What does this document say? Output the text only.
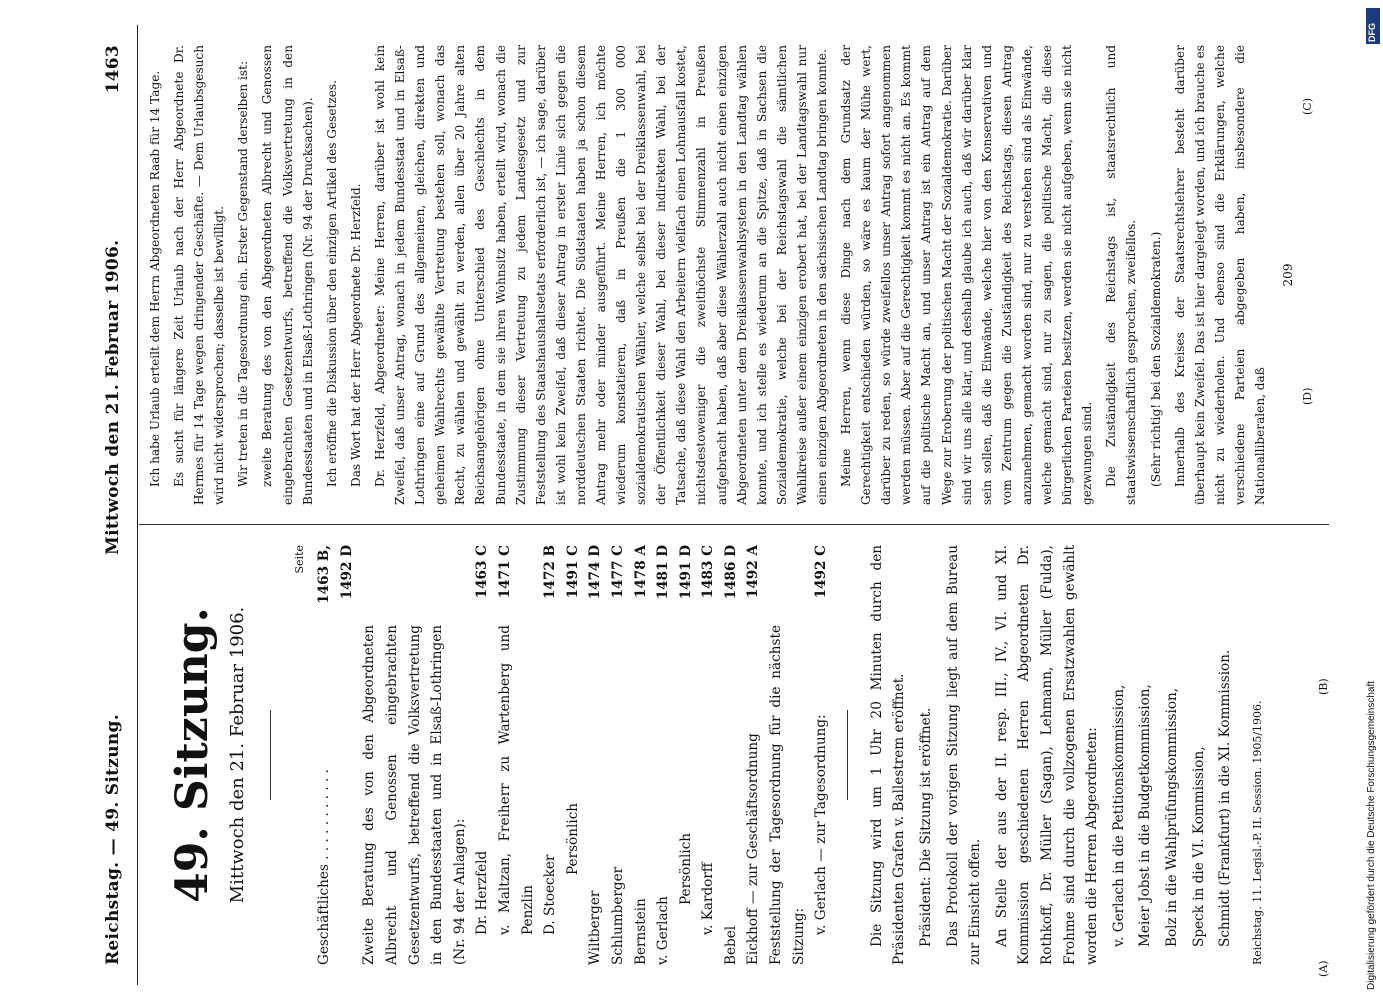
Reichstag. — 49. Sitzung.
Mittwoch den 21. Februar 1906.
1463
49. Sitzung. Mittwoch den 21. Februar 1906.
Seite
Geschäftliches . . . . . . . . . . .
1463 B, 1492 D
Zweite Beratung des von den Abgeordneten Albrecht und Genossen eingebrachten Gesetzentwurfs, betreffend die Volksvertretung in den Bundesstaaten und in Elsaß-Lothringen (Nr. 94 der Anlagen): Dr. Herzfeld
1463 C
v. Maltzan, Freiherr zu Wartenberg und Penzlin
1471 C
D. Stoecker
1472 B
Persönlich
1491 C
Wiltberger
1474 D
Schlumberger
1477 C
Bernstein
1478 A
v. Gerlach
1481 D
Persönlich
1491 D
v. Kardorff
1483 C
Bebel
1486 D
Eickhoff — zur Geschäftsordnung
1492 A
Feststellung der Tagesordnung für die nächste Sitzung:
v. Gerlach — zur Tagesordnung:
1492 C	Die Sitzung wird um 1 Uhr 20 Minuten durch den Präsidenten Grafen v. Ballestrem eröffnet. Präsident: Die Sitzung ist eröffnet. Das Protokoll der vorigen Sitzung liegt auf dem Bureau zur Einsicht offen. An Stelle der aus der II. resp. III., IV., VI. und XI. Kommission geschiedenen Herren Abgeordneten Dr. Rothkoff, Dr. Müller (Sagan), Lehmann, Müller (Fulda), Frohme sind durch die vollzogenen Ersatzwahlen gewählt worden die Herren Abgeordneten: v. Gerlach in die Petitionskommission, Meier Jobst in die Budgetkommission, Bolz in die Wahlprüfungskommission, Speck in die VI. Kommission, Schmidt (Frankfurt) in die XI. Kommission.	Reichstag. 11. Legisl.-P. II. Session. 1905/1906.

Ich habe Urlaub erteilt dem Herrn Abgeordneten Raab für 14 Tage. Es sucht für längere Zeit Urlaub nach der Herr Abgeordnete Dr. Hermes für 14 Tage wegen dringender Geschäfte. — Dem Urlaubsgesuch wird nicht widersprochen; dasselbe ist bewilligt. Wir treten in die Tagesordnung ein. Erster Gegenstand derselben ist: zweite Beratung des von den Abgeordneten Albrecht und Genossen eingebrachten Gesetzentwurfs, betreffend die Volksvertretung in den Bundesstaaten und in Elsaß-Lothringen (Nr. 94 der Drucksachen). Ich eröffne die Diskussion über den einzigen Artikel des Gesetzes. Das Wort hat der Herr Abgeordnete Dr. Herzfeld. Dr. Herzfeld, Abgeordneter: Meine Herren, darüber ist wohl kein Zweifel, daß unser Antrag, wonach in jedem Bundesstaat und in Elsaß-Lothringen eine auf Grund des allgemeinen, gleichen, direkten und geheimen Wahlrechts gewählte Vertretung bestehen soll, wonach das Recht, zu wählen und gewählt zu werden, allen über 20 Jahre alten Reichsangehörigen ohne Unterschied des Geschlechts in dem Bundesstaate, in dem sie ihren Wohnsitz haben, erteilt wird, wonach die Zustimmung dieser Vertretung zu jedem Landesgesetz und zur Feststellung des Staatshaushaltsetats erforderlich ist, — ich sage, darüber ist wohl kein Zweifel, daß dieser Antrag in erster Linie sich gegen die norddeutschen Staaten richtet. Die Südstaaten haben ja schon diesem Antrag mehr oder minder ausgeführt. Meine Herren, ich möchte wiederum konstatieren, daß in Preußen die 1 300 000 sozialdemokratischen Wähler, welche selbst bei der Dreiklassenwahl, bei der Öffentlichkeit dieser Wahl, bei dieser indirekten Wahl, bei der Tatsache, daß diese Wahl den Arbeitern vielfach einen Lohnausfall kostet, nichtsdestoweniger die zweithöchste Stimmenzahl in Preußen aufgebracht haben, daß aber diese Wählerzahl auch nicht einen einzigen Abgeordneten unter dem Dreiklassenwahlsystem in den Landtag wählen konnte, und ich stelle es wiederum an die Spitze, daß in Sachsen die Sozialdemokratie, welche bei der Reichstagswahl die sämtlichen Wahlkreise außer einem einzigen erobert hat, bei der Landtagswahl nur einen einzigen Abgeordneten in den sächsischen Landtag bringen konnte. Meine Herren, wenn diese Dinge nach dem Grundsatz der Gerechtigkeit entschieden würden, so wäre es kaum der Mühe wert, darüber zu reden, so würde zweifellos unser Antrag sofort angenommen werden müssen. Aber auf die Gerechtigkeit kommt es nicht an. Es kommt auf die politische Macht an, und unser Antrag ist ein Antrag auf dem Wege zur Eroberung der politischen Macht der Sozialdemokratie. Darüber sind wir uns alle klar, und deshalb glaube ich auch, daß wir darüber klar sein sollen, daß die Einwände, welche hier von den Konservativen und vom Zentrum gegen die Zuständigkeit des Reichstags, diesen Antrag anzunehmen, gemacht worden sind, nur zu verstehen sind als Einwände, welche gemacht sind, nur zu sagen, die politische Macht, die diese bürgerlichen Parteien besitzen, werden sie nicht aufgeben, wenn sie nicht gezwungen sind. Die Zuständigkeit des Reichstags ist, staatsrechtlich und staatswissenschaftlich gesprochen, zweifellos. (Sehr richtig! bei den Sozialdemokraten.) Innerhalb des Kreises der Staatsrechtslehrer besteht darüber überhaupt kein Zweifel. Das ist hier dargelegt worden, und ich brauche es nicht zu wiederholen. Und ebenso sind die Erklärungen, welche verschiedene Parteien abgegeben haben, insbesondere die Nationalliberalen, daß

209
(A)
(B)
(C)
(D)
Digitalisierung gefördert durch die Deutsche Forschungsgemeinschaft
DFG
